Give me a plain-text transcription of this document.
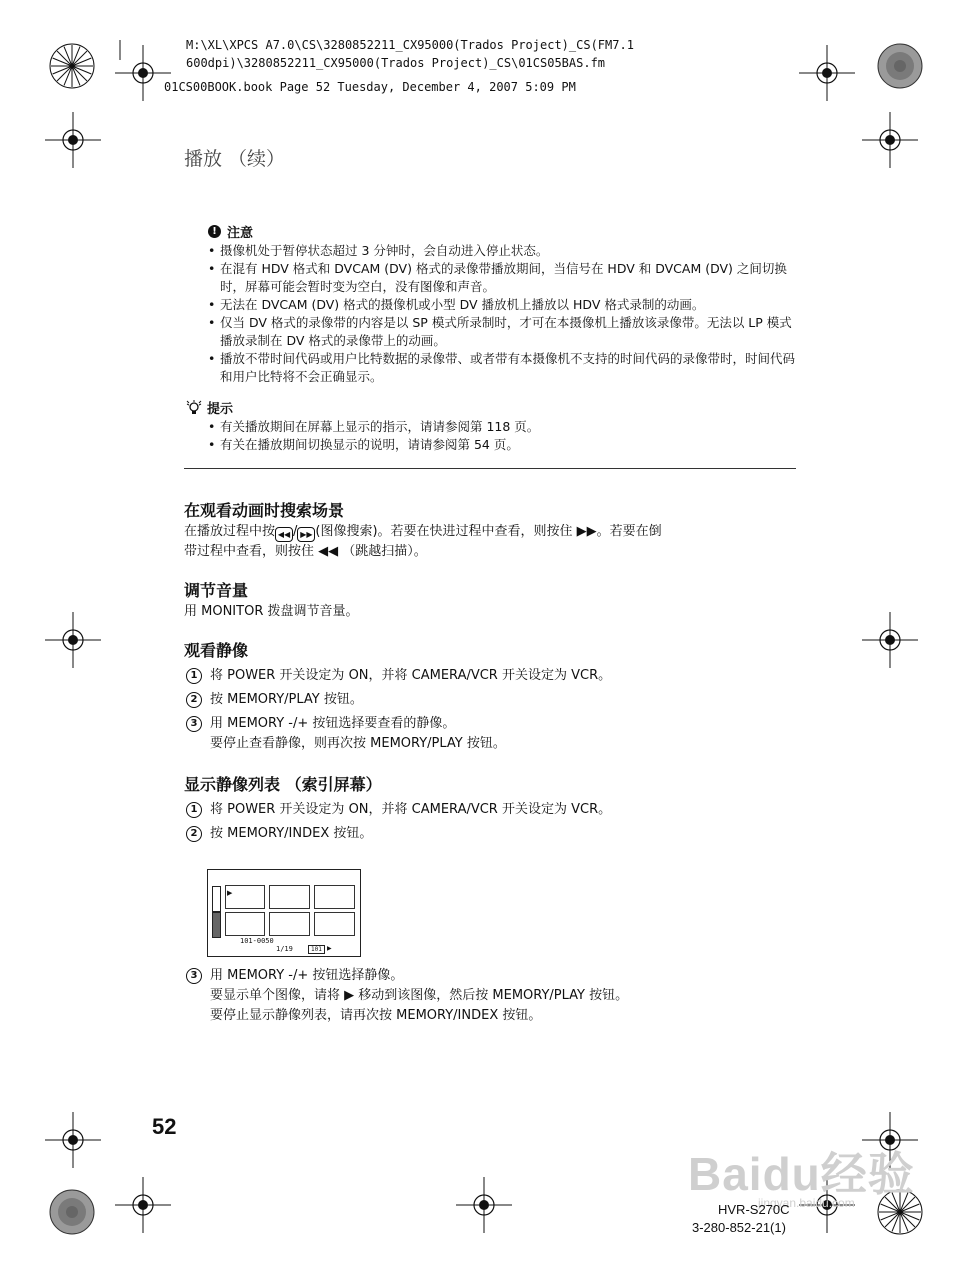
M:\XL\XPCS A7.0\CS\3280852211_CX95000(Trados Project)_CS(FM7.1
600dpi)\3280852211_CX95000(Trados Project)_CS\01CS05BAS.fm
01CS00BOOK.book Page 52 Tuesday, December 4, 2007 5:09 PM
播放 （续）
! 注意
• 摄像机处于暂停状态超过 3 分钟时，会自动进入停止状态。
• 在混有 HDV 格式和 DVCAM (DV) 格式的录像带播放期间，当信号在 HDV 和 DVCAM (DV) 之间切换时，屏幕可能会暂时变为空白，没有图像和声音。
• 无法在 DVCAM (DV) 格式的摄像机或小型 DV 播放机上播放以 HDV 格式录制的动画。
• 仅当 DV 格式的录像带的内容是以 SP 模式所录制时，才可在本摄像机上播放该录像带。无法以 LP 模式播放录制在 DV 格式的录像带上的动画。
• 播放不带时间代码或用户比特数据的录像带、或者带有本摄像机不支持的时间代码的录像带时，时间代码和用户比特将不会正确显示。
提示
• 有关播放期间在屏幕上显示的指示，请请参阅第 118 页。
• 有关在播放期间切换显示的说明，请请参阅第 54 页。
在观看动画时搜索场景
在播放过程中按 ◀◀ / ▶▶ (图像搜索)。若要在快进过程中查看，则按住 ▶▶。若要在倒
带过程中查看，则按住 ◀◀ （跳越扫描）。
调节音量
用 MONITOR 拨盘调节音量。
观看静像
1 将 POWER 开关设定为 ON，并将 CAMERA/VCR 开关设定为 VCR。
2 按 MEMORY/PLAY 按钮。
3 用 MEMORY -/+ 按钮选择要查看的静像。
要停止查看静像，则再次按 MEMORY/PLAY 按钮。
显示静像列表 （索引屏幕）
1 将 POWER 开关设定为 ON，并将 CAMERA/VCR 开关设定为 VCR。
2 按 MEMORY/INDEX 按钮。
▶
101-0050
1/19	101 ▶
3 用 MEMORY -/+ 按钮选择静像。
要显示单个图像，请将 ▶ 移动到该图像，然后按 MEMORY/PLAY 按钮。
要停止显示静像列表，请再次按 MEMORY/INDEX 按钮。
52
Baidu经验
jingyan.baidu.com
HVR-S270C
3-280-852-21(1)
